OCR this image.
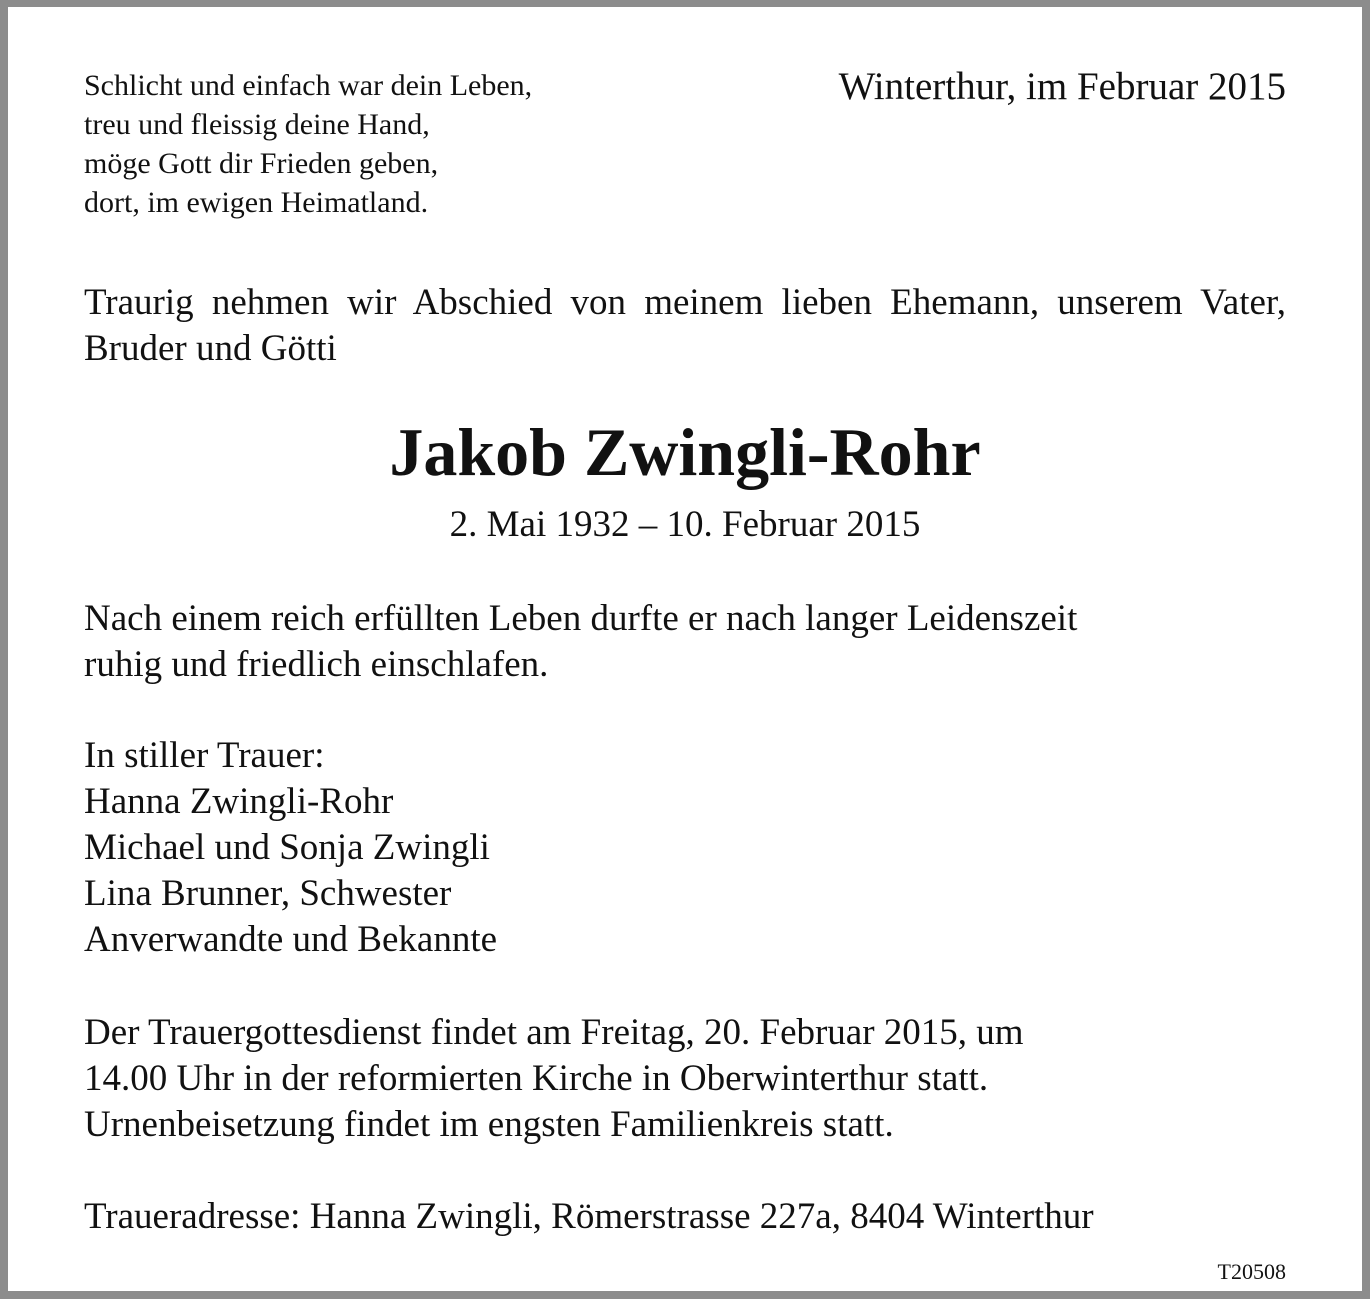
Schlicht und einfach war dein Leben,
treu und fleissig deine Hand,
möge Gott dir Frieden geben,
dort, im ewigen Heimatland.

Winterthur, im Februar 2015

Traurig nehmen wir Abschied von meinem lieben Ehemann, unserem Vater, Bruder und Götti

Jakob Zwingli-Rohr

2. Mai 1932 – 10. Februar 2015

Nach einem reich erfüllten Leben durfte er nach langer Leidenszeit
ruhig und friedlich einschlafen.

In stiller Trauer:
Hanna Zwingli-Rohr
Michael und Sonja Zwingli
Lina Brunner, Schwester
Anverwandte und Bekannte

Der Trauergottesdienst findet am Freitag, 20. Februar 2015, um
14.00 Uhr in der reformierten Kirche in Oberwinterthur statt.
Urnenbeisetzung findet im engsten Familienkreis statt.

Traueradresse: Hanna Zwingli, Römerstrasse 227a, 8404 Winterthur

T20508
